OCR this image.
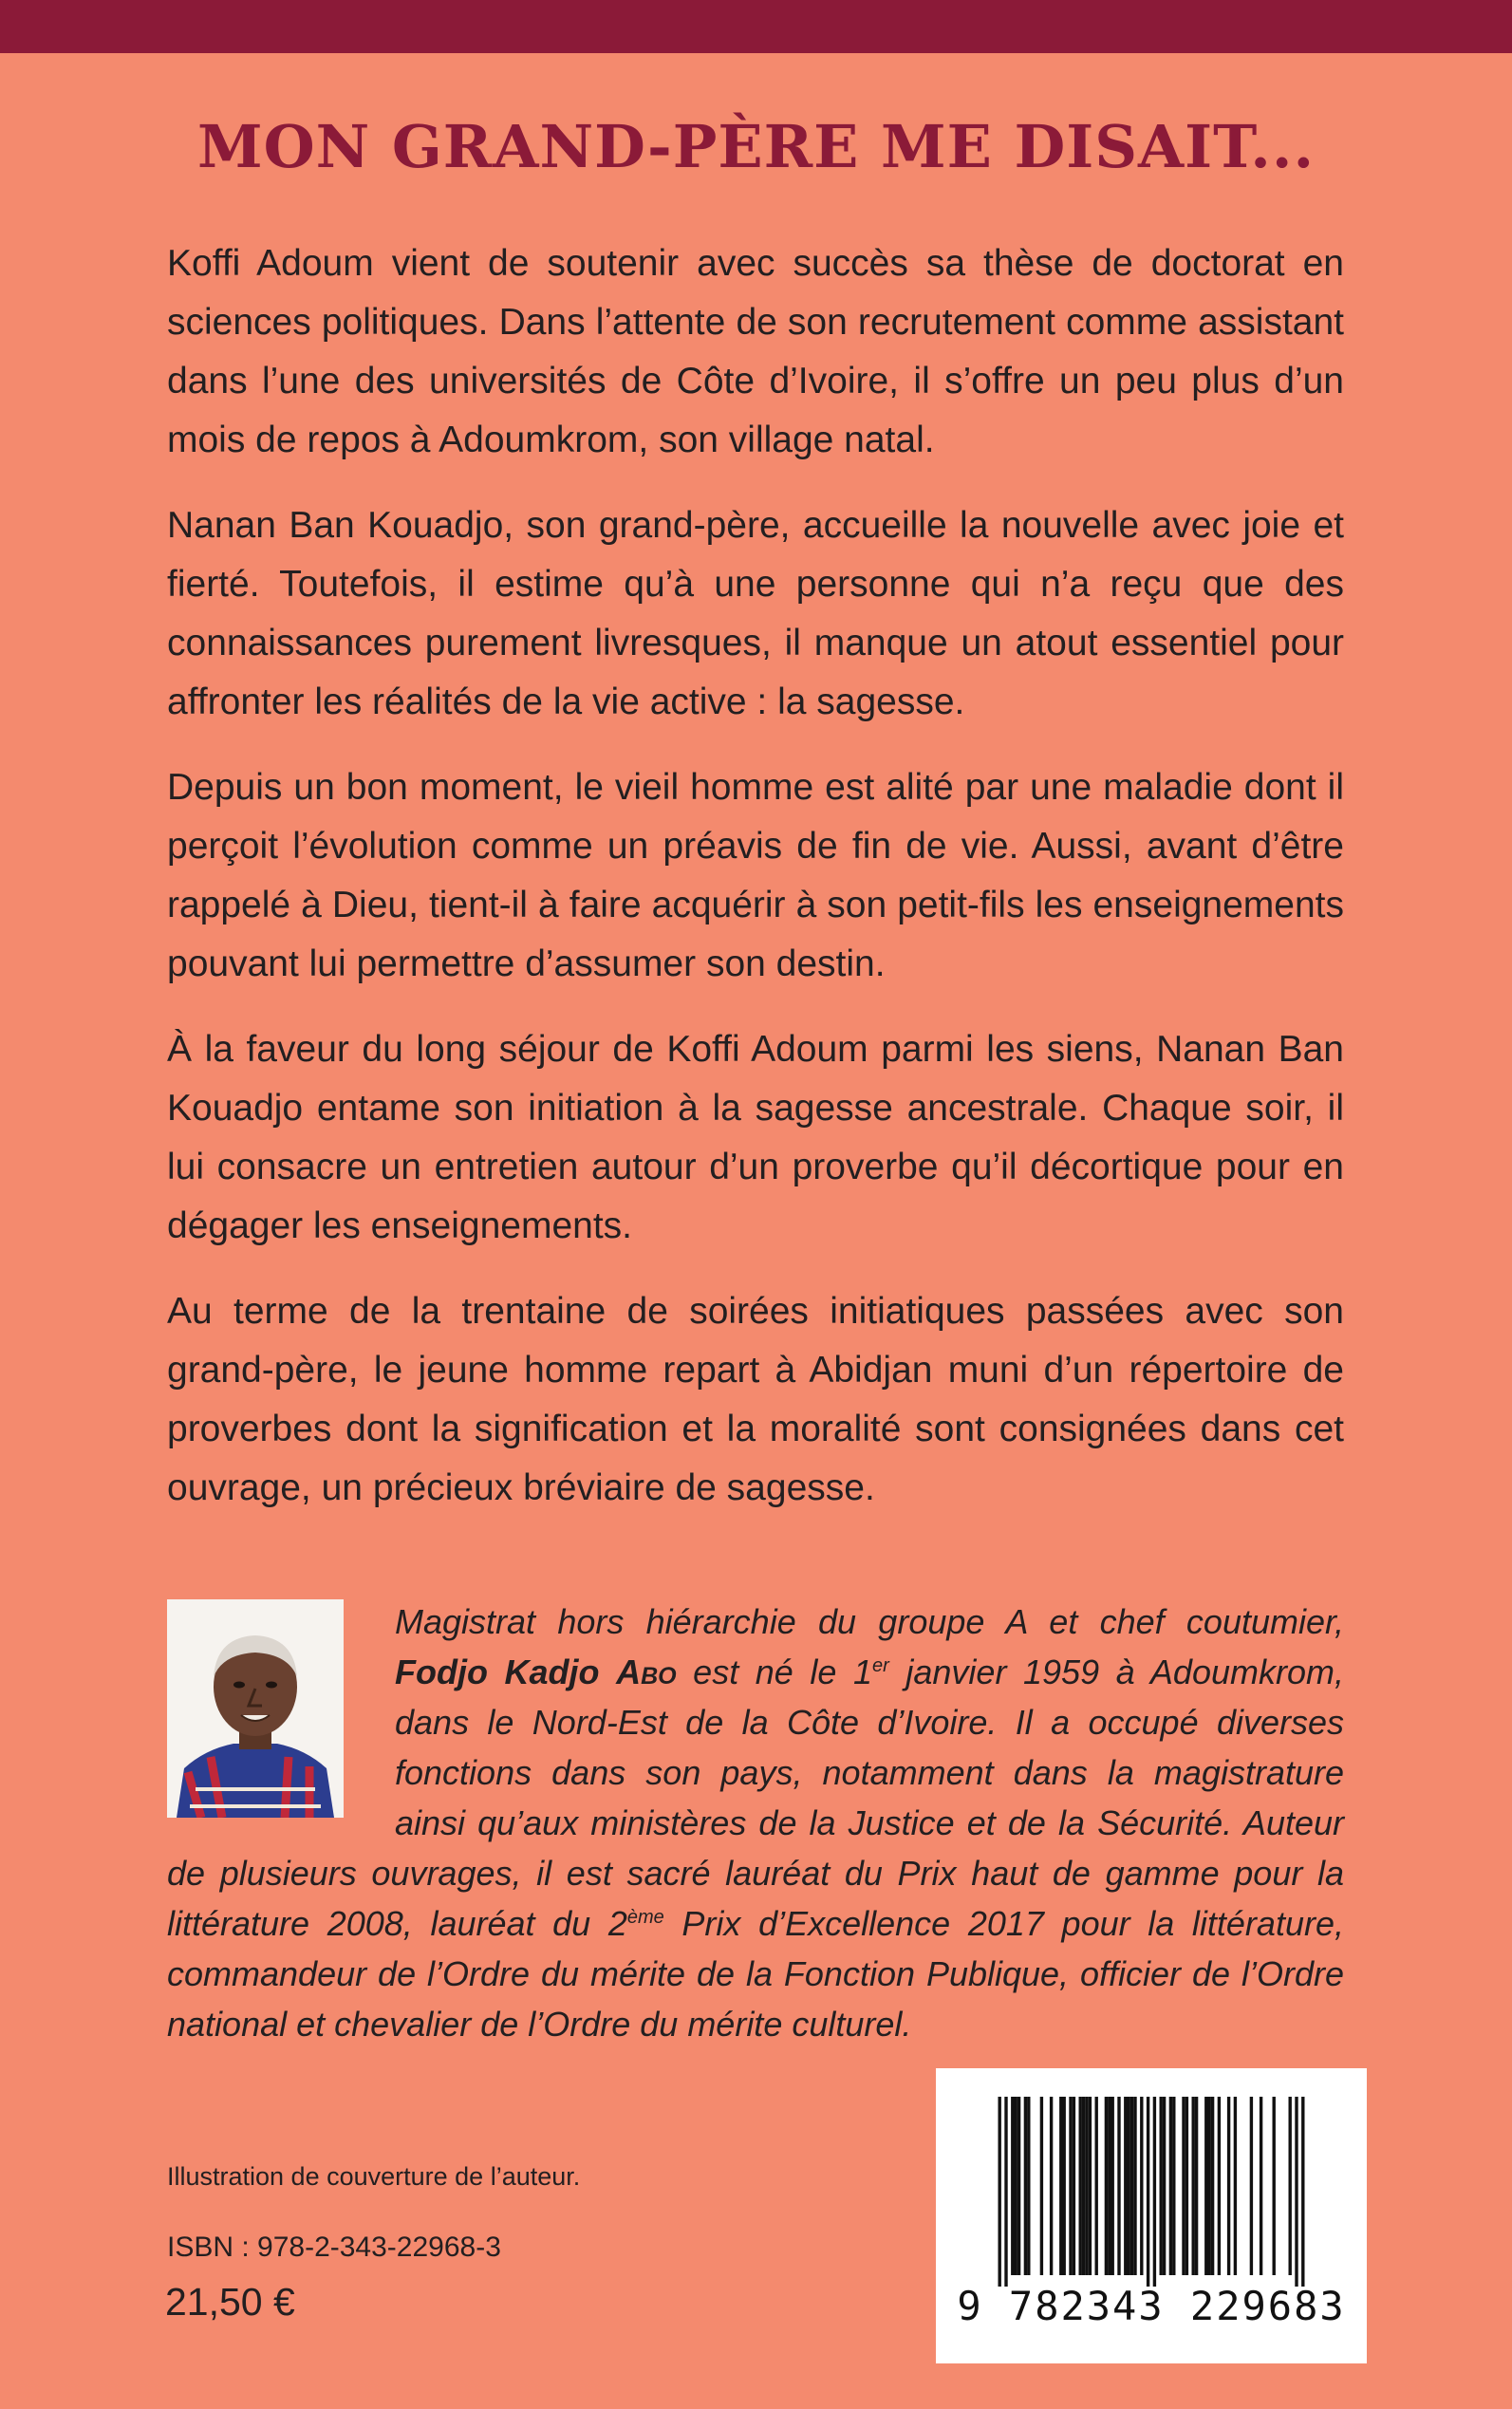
MON GRAND-PÈRE ME DISAIT...

Koffi Adoum vient de soutenir avec succès sa thèse de doctorat en sciences politiques. Dans l’attente de son recrutement comme assistant dans l’une des universités de Côte d’Ivoire, il s’offre un peu plus d’un mois de repos à Adoumkrom, son village natal.

Nanan Ban Kouadjo, son grand-père, accueille la nouvelle avec joie et fierté. Toutefois, il estime qu’à une personne qui n’a reçu que des connaissances purement livresques, il manque un atout essentiel pour affronter les réalités de la vie active : la sagesse.

Depuis un bon moment, le vieil homme est alité par une maladie dont il perçoit l’évolution comme un préavis de fin de vie. Aussi, avant d’être rappelé à Dieu, tient-il à faire acquérir à son petit-fils les enseignements pouvant lui permettre d’assumer son destin.

À la faveur du long séjour de Koffi Adoum parmi les siens, Nanan Ban Kouadjo entame son initiation à la sagesse ancestrale. Chaque soir, il lui consacre un entretien autour d’un proverbe qu’il décortique pour en dégager les enseignements.

Au terme de la trentaine de soirées initiatiques passées avec son grand-père, le jeune homme repart à Abidjan muni d’un répertoire de proverbes dont la signification et la moralité sont consignées dans cet ouvrage, un précieux bréviaire de sagesse.

Magistrat hors hiérarchie du groupe A et chef coutumier, Fodjo Kadjo Abo est né le 1er janvier 1959 à Adoumkrom, dans le Nord-Est de la Côte d’Ivoire. Il a occupé diverses fonctions dans son pays, notamment dans la magistrature ainsi qu’aux ministères de la Justice et de la Sécurité. Auteur de plusieurs ouvrages, il est sacré lauréat du Prix haut de gamme pour la littérature 2008, lauréat du 2ème Prix d’Excellence 2017 pour la littérature, commandeur de l’Ordre du mérite de la Fonction Publique, officier de l’Ordre national et chevalier de l’Ordre du mérite culturel.

Illustration de couverture de l’auteur.

ISBN : 978-2-343-22968-3

21,50 €	9 782343 229683
